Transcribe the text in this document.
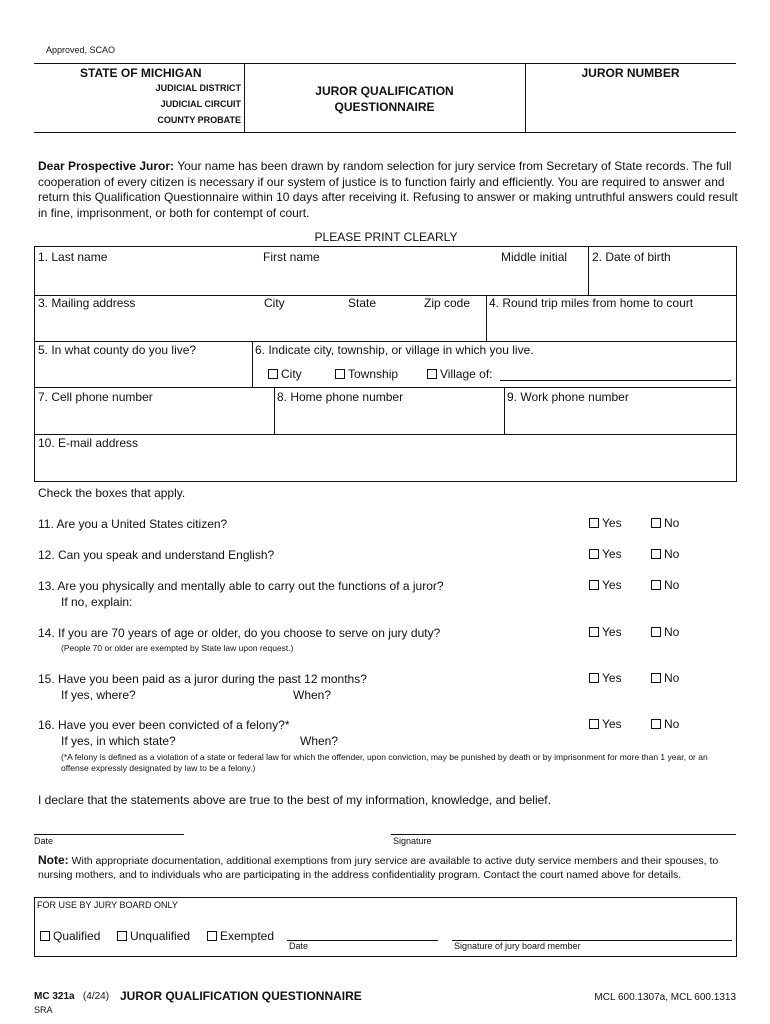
Approved, SCAO
STATE OF MICHIGAN
JUDICIAL DISTRICT
JUDICIAL CIRCUIT
COUNTY PROBATE
JUROR QUALIFICATION
QUESTIONNAIRE
JUROR NUMBER
Dear Prospective Juror: Your name has been drawn by random selection for jury service from Secretary of State records. The full cooperation of every citizen is necessary if our system of justice is to function fairly and efficiently. You are required to answer and return this Qualification Questionnaire within 10 days after receiving it. Refusing to answer or making untruthful answers could result in fine, imprisonment, or both for contempt of court.
PLEASE PRINT CLEARLY
1. Last name	First name	Middle initial 2. Date of birth
3. Mailing address	City	State	Zip code 4. Round trip miles from home to court
5. In what county do you live?	6. Indicate city, township, or village in which you live.
City	Township	Village of:
7. Cell phone number	8. Home phone number	9. Work phone number
10. E-mail address
Check the boxes that apply.
11. Are you a United States citizen?	Yes	No
12. Can you speak and understand English?	Yes	No
13. Are you physically and mentally able to carry out the functions of a juror?
If no, explain:
Yes	No
14. If you are 70 years of age or older, do you choose to serve on jury duty?
(People 70 or older are exempted by State law upon request.)
Yes	No
15. Have you been paid as a juror during the past 12 months?
If yes, where?	When?
Yes	No
16. Have you ever been convicted of a felony?*
If yes, in which state?	When?
(*A felony is defined as a violation of a state or federal law for which the offender, upon conviction, may be punished by death or by imprisonment for more than 1 year, or an offense expressly designated by law to be a felony.)
Yes	No
I declare that the statements above are true to the best of my information, knowledge, and belief.
Date	Signature
Note: With appropriate documentation, additional exemptions from jury service are available to active duty service members and their spouses, to nursing mothers, and to individuals who are participating in the address confidentiality program. Contact the court named above for details.
FOR USE BY JURY BOARD ONLY
Qualified	Unqualified	Exempted
Date	Signature of jury board member
MC 321a (4/24) JUROR QUALIFICATION QUESTIONNAIRE	MCL 600.1307a, MCL 600.1313
SRA
